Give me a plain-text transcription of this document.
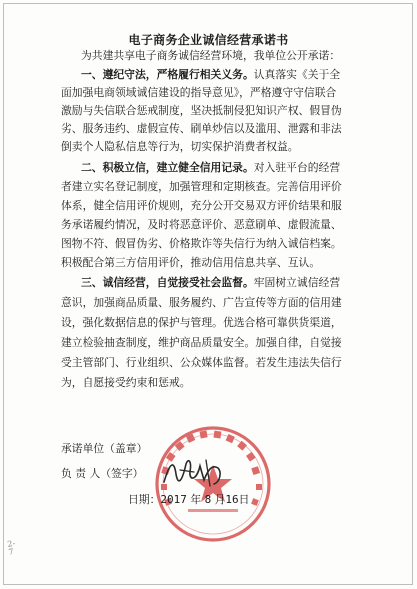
电子商务企业诚信经营承诺书
为共建共享电子商务诚信经营环境，我单位公开承诺：
一、遵纪守法，严格履行相关义务。认真落实《关于全
面加强电商领域诚信建设的指导意见》，严格遵守守信联合
激励与失信联合惩戒制度，坚决抵制侵犯知识产权、假冒伪
劣、服务违约、虚假宣传、刷单炒信以及滥用、泄露和非法
倒卖个人隐私信息等行为，切实保护消费者权益。
二、积极立信，建立健全信用记录。对入驻平台的经营
者建立实名登记制度，加强管理和定期核查。完善信用评价
体系，健全信用评价规则，充分公开交易双方评价结果和服
务承诺履约情况，及时将恶意评价、恶意刷单、虚假流量、
图物不符、假冒伪劣、价格欺诈等失信行为纳入诚信档案。
积极配合第三方信用评价，推动信用信息共享、互认。
三、诚信经营，自觉接受社会监督。牢固树立诚信经营
意识，加强商品质量、服务履约、广告宣传等方面的信用建
设，强化数据信息的保护与管理。优选合格可靠供货渠道，
建立检验抽查制度，维护商品质量安全。加强自律，自觉接
受主管部门、行业组织、公众媒体监督。若发生违法失信行
为，自愿接受约束和惩戒。
承诺单位（盖章）
负 责 人（签字）
日期：2017 年 8 月16日
2-7
